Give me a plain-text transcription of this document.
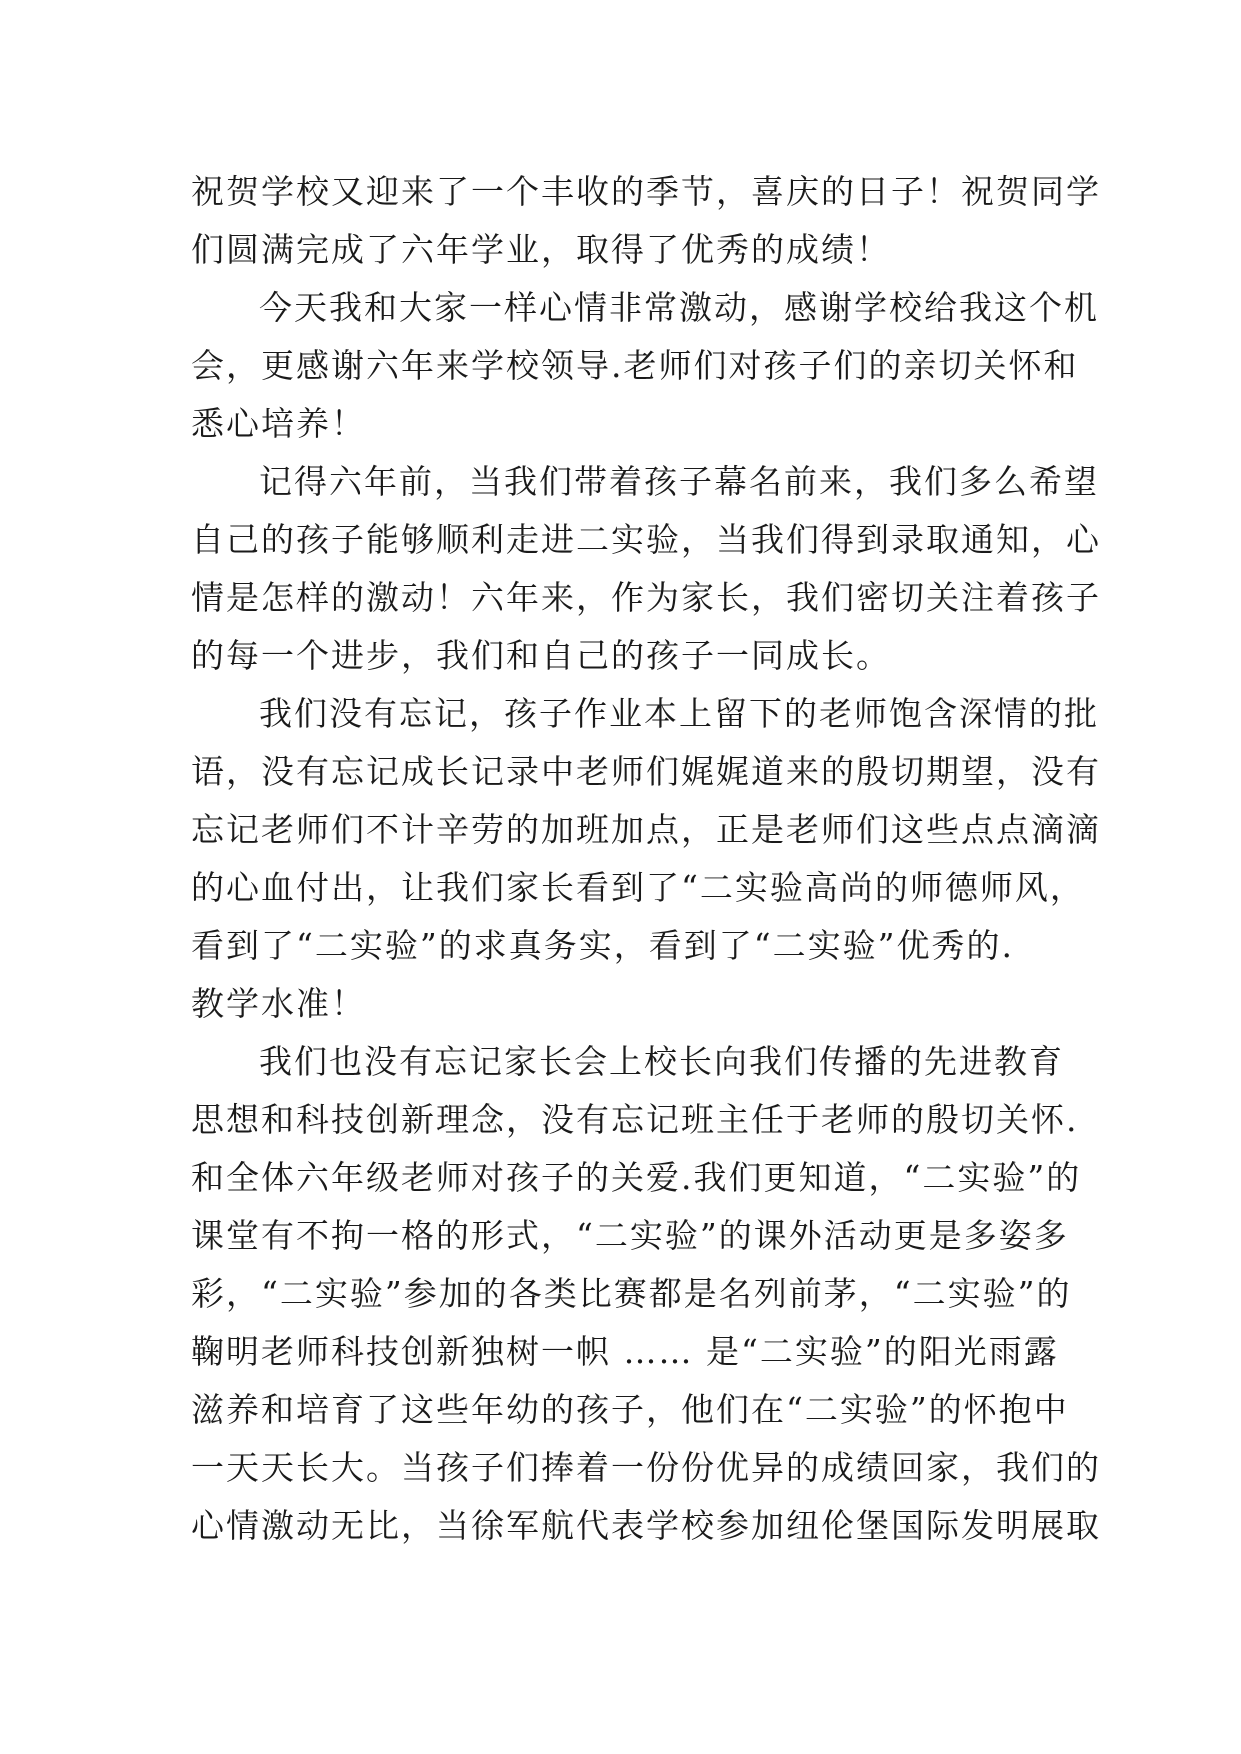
祝贺学校又迎来了一个丰收的季节，喜庆的日子！祝贺同学
们圆满完成了六年学业，取得了优秀的成绩！
今天我和大家一样心情非常激动，感谢学校给我这个机
会，更感谢六年来学校领导.老师们对孩子们的亲切关怀和
悉心培养！
记得六年前，当我们带着孩子幕名前来，我们多么希望
自己的孩子能够顺利走进二实验，当我们得到录取通知，心
情是怎样的激动！六年来，作为家长，我们密切关注着孩子
的每一个进步，我们和自己的孩子一同成长。
我们没有忘记，孩子作业本上留下的老师饱含深情的批
语，没有忘记成长记录中老师们娓娓道来的殷切期望，没有
忘记老师们不计辛劳的加班加点，正是老师们这些点点滴滴
的心血付出，让我们家长看到了“二实验高尚的师德师风，
看到了“二实验”的求真务实，看到了“二实验”优秀的.
教学水准！
我们也没有忘记家长会上校长向我们传播的先进教育
思想和科技创新理念，没有忘记班主任于老师的殷切关怀.
和全体六年级老师对孩子的关爱.我们更知道，“二实验”的
课堂有不拘一格的形式，“二实验”的课外活动更是多姿多
彩，“二实验”参加的各类比赛都是名列前茅，“二实验”的
鞠明老师科技创新独树一帜 …… 是“二实验”的阳光雨露
滋养和培育了这些年幼的孩子，他们在“二实验”的怀抱中
一天天长大。当孩子们捧着一份份优异的成绩回家，我们的
心情激动无比，当徐军航代表学校参加纽伦堡国际发明展取
